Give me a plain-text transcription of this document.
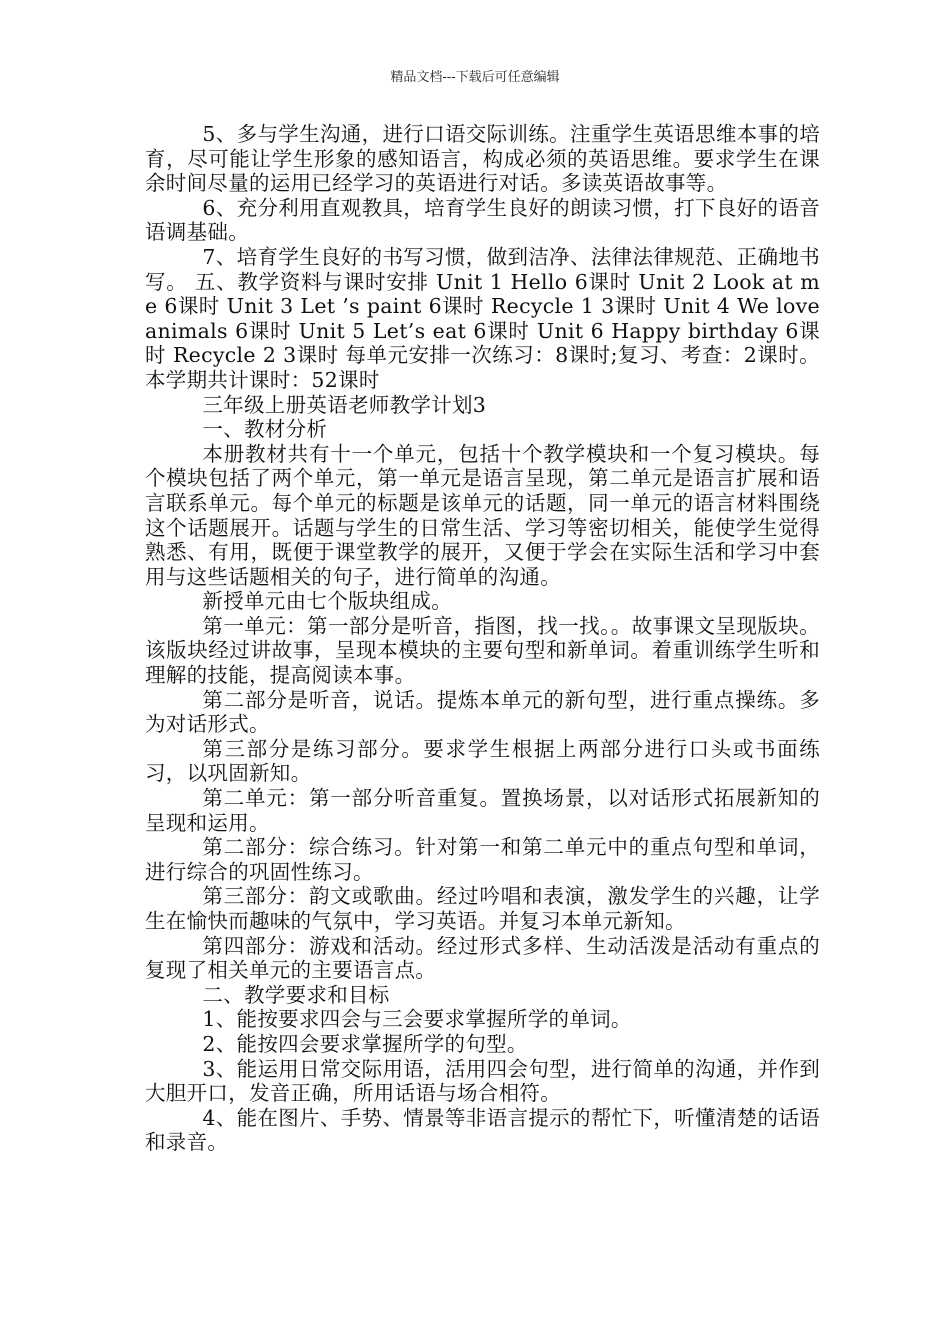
精品文档---下载后可任意编辑

5、多与学生沟通，进行口语交际训练。注重学生英语思维本事的培育，尽可能让学生形象的感知语言，构成必须的英语思维。要求学生在课余时间尽量的运用已经学习的英语进行对话。多读英语故事等。

6、充分利用直观教具，培育学生良好的朗读习惯，打下良好的语音语调基础。

7、培育学生良好的书写习惯，做到洁净、法律法律规范、正确地书写。 五、教学资料与课时安排 Unit 1 Hello 6课时 Unit 2 Look at me 6课时 Unit 3 Let ’s paint 6课时 Recycle 1 3课时 Unit 4 We love animals 6课时 Unit 5 Let’s eat 6课时 Unit 6 Happy birthday 6课时 Recycle 2 3课时 每单元安排一次练习：8课时;复习、考查：2课时。本学期共计课时：52课时

三年级上册英语老师教学计划3

一、教材分析

本册教材共有十一个单元，包括十个教学模块和一个复习模块。每个模块包括了两个单元，第一单元是语言呈现，第二单元是语言扩展和语言联系单元。每个单元的标题是该单元的话题，同一单元的语言材料围绕这个话题展开。话题与学生的日常生活、学习等密切相关，能使学生觉得熟悉、有用，既便于课堂教学的展开，又便于学会在实际生活和学习中套用与这些话题相关的句子，进行简单的沟通。

新授单元由七个版块组成。

第一单元：第一部分是听音，指图，找一找。。故事课文呈现版块。该版块经过讲故事，呈现本模块的主要句型和新单词。着重训练学生听和理解的技能，提高阅读本事。

第二部分是听音，说话。提炼本单元的新句型，进行重点操练。多为对话形式。

第三部分是练习部分。要求学生根据上两部分进行口头或书面练习，以巩固新知。

第二单元：第一部分听音重复。置换场景，以对话形式拓展新知的呈现和运用。

第二部分：综合练习。针对第一和第二单元中的重点句型和单词，进行综合的巩固性练习。

第三部分：韵文或歌曲。经过吟唱和表演，激发学生的兴趣，让学生在愉快而趣味的气氛中，学习英语。并复习本单元新知。

第四部分：游戏和活动。经过形式多样、生动活泼是活动有重点的复现了相关单元的主要语言点。

二、教学要求和目标

1、能按要求四会与三会要求掌握所学的单词。

2、能按四会要求掌握所学的句型。

3、能运用日常交际用语，活用四会句型，进行简单的沟通，并作到大胆开口，发音正确，所用话语与场合相符。

4、能在图片、手势、情景等非语言提示的帮忙下，听懂清楚的话语和录音。
